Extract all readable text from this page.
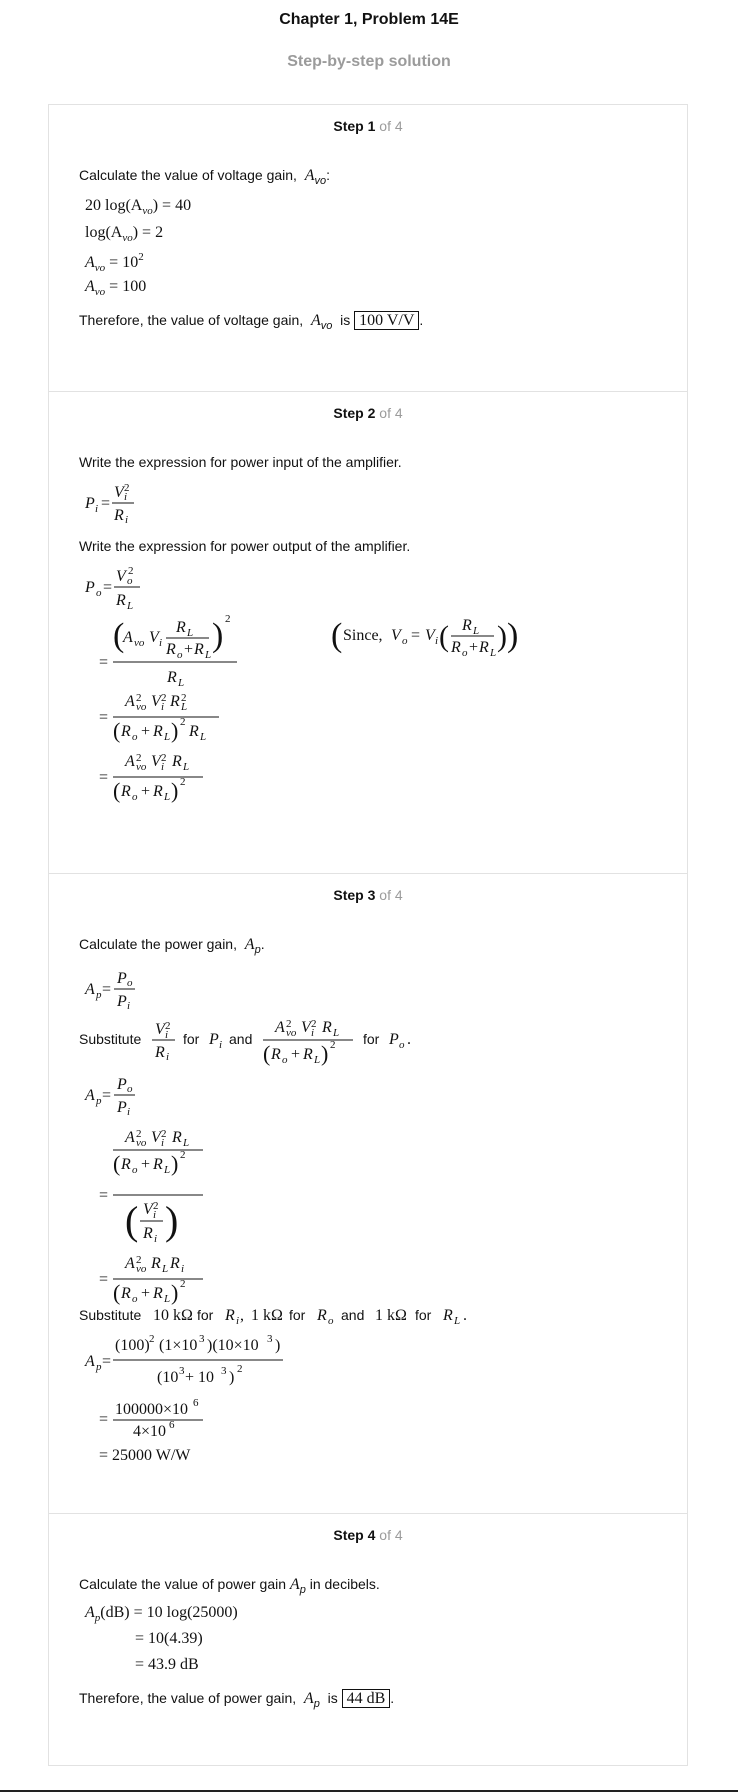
Chapter 1, Problem 14E
Step-by-step solution
Step 1 of 4
Calculate the value of voltage gain, $A_{vo}$:
20 $\log(A_{vo}) = 40$
$\log(A_{vo}) = 2$
$A_{vo} = 10^2$
$A_{vo} = 100$
Therefore, the value of voltage gain, $A_{vo}$ is 100 V/V .
Step 2 of 4
Write the expression for power input of the amplifier.
P i =
V i
2
R i
Write the expression for power output of the amplifier.
P o =
V o
2
R L
=
(
A vo V i
R L
R o + R L
) 2
R L
( Since, V o = V i ( R L
R o + R L ) )
=
A 2
vo V 2
i R 2
L
( R o + R L ) 2
R L
=
A 2
vo V 2
i R L
( R o + R L ) 2
Step 3 of 4
Calculate the power gain, $A_p$.
A p =
P o
P i
Substitute
V 2
i
R i
for P i and
A 2
vo V 2
i R L
( R o + R L ) 2 for P o .
A p =
P o
P i
=
A 2
vo V 2
i R L
( R o + R L ) 2
( V 2
i
R i )
=
A 2
vo R L R i
( R o + R L ) 2
Substitute 10 kΩ for R i , 1 kΩ for R o and 1 kΩ for R L .
A p =
(100) 2 (1×10 3 )(10×10 3 )
(10 3 + 10 3 ) 2
=
100000×10 6
4×10 6
= 25000 W/W
Step 4 of 4
Calculate the value of power gain $A_p$ in decibels.
$A_p(dB) = 10$ log(25000)
= 10(4.39)
= 43.9 dB
Therefore, the value of power gain, $A_p$ is 44 dB .
